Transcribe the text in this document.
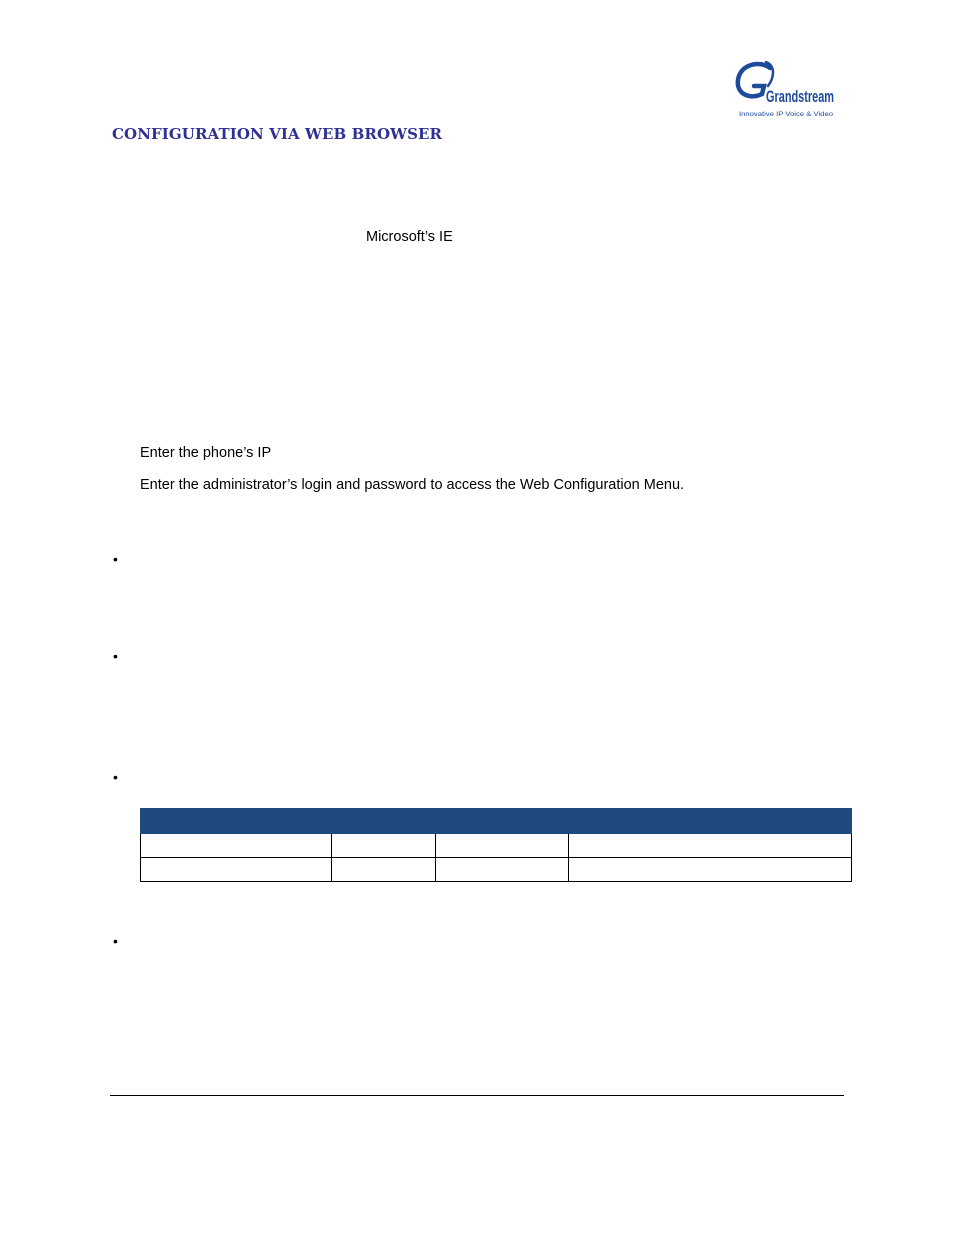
Grandstream
Innovative IP Voice & Video
CONFIGURATION VIA WEB BROWSER
Microsoft’s IE
Enter the phone’s IP
Enter the administrator’s login and password to access the Web Configuration Menu.
•
•
•
•
